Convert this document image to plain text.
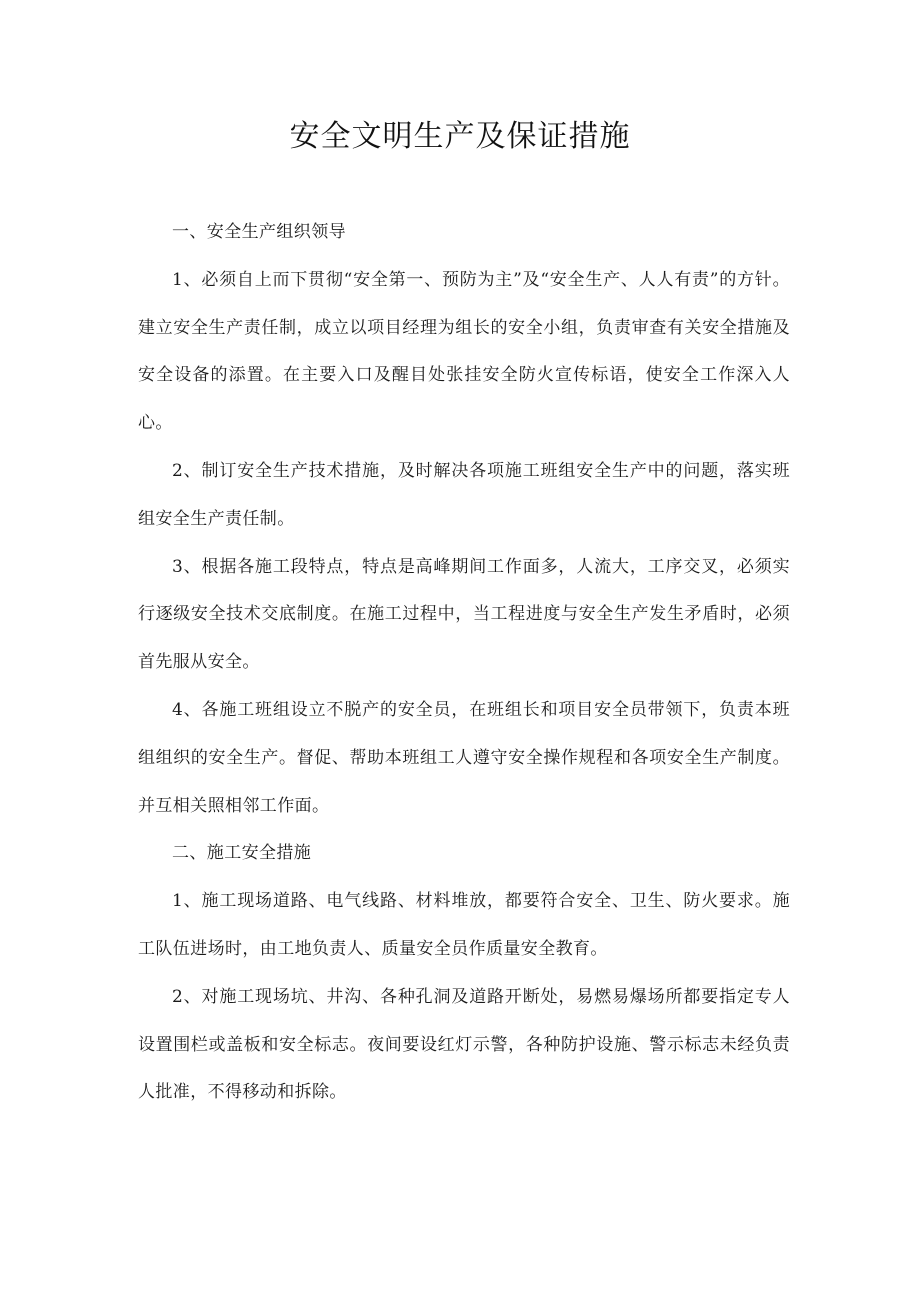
安全文明生产及保证措施

一、安全生产组织领导

1、必须自上而下贯彻“安全第一、预防为主”及“安全生产、人人有责”的方针。建立安全生产责任制，成立以项目经理为组长的安全小组，负责审查有关安全措施及安全设备的添置。在主要入口及醒目处张挂安全防火宣传标语，使安全工作深入人心。

2、制订安全生产技术措施，及时解决各项施工班组安全生产中的问题，落实班组安全生产责任制。

3、根据各施工段特点，特点是高峰期间工作面多，人流大，工序交叉，必须实行逐级安全技术交底制度。在施工过程中，当工程进度与安全生产发生矛盾时，必须首先服从安全。

4、各施工班组设立不脱产的安全员，在班组长和项目安全员带领下，负责本班组组织的安全生产。督促、帮助本班组工人遵守安全操作规程和各项安全生产制度。并互相关照相邻工作面。

二、施工安全措施

1、施工现场道路、电气线路、材料堆放，都要符合安全、卫生、防火要求。施工队伍进场时，由工地负责人、质量安全员作质量安全教育。

2、对施工现场坑、井沟、各种孔洞及道路开断处，易燃易爆场所都要指定专人设置围栏或盖板和安全标志。夜间要设红灯示警，各种防护设施、警示标志未经负责人批准，不得移动和拆除。
